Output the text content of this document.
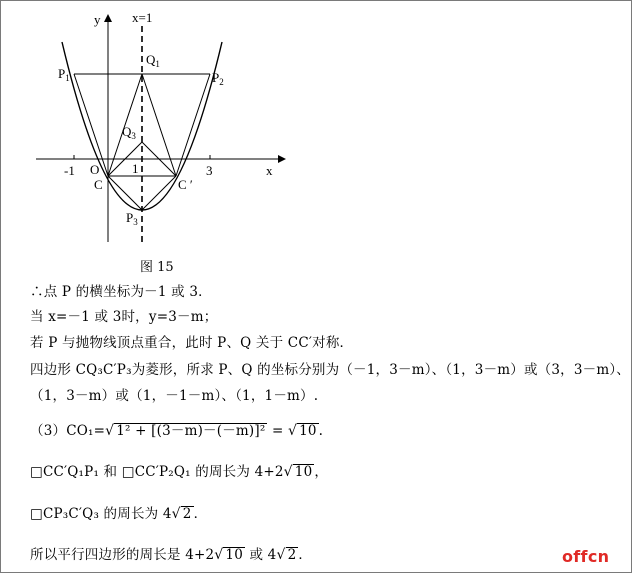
y x=1
x
$P_1$	$P_2$
$Q_1$
$Q_3$
$P_3$
-1	1	3
O
C	C ′
图 15
∴点 P 的横坐标为－1 或 3．
当 x=－1 或 3时，y=3－m；
若 P 与抛物线顶点重合，此时 P、Q 关于 CC′对称．
四边形 CQ₃C′P₃为菱形，所求 P、Q 的坐标分别为（－1，3－m）、（1，3－m）或（3，3－m）、
（1，3－m）或（1，－1－m）、（1，1－m）.
（3）CO₁=√ 1² + [(3－m)－(－m)]² = √ 10 .
□CC′Q₁P₁ 和 □CC′P₂Q₁ 的周长为 4+2√ 10 ，
□CP₃C′Q₃ 的周长为 4√ 2 ．
所以平行四边形的周长是 4+2√ 10 或 4√ 2 ．	offcn
